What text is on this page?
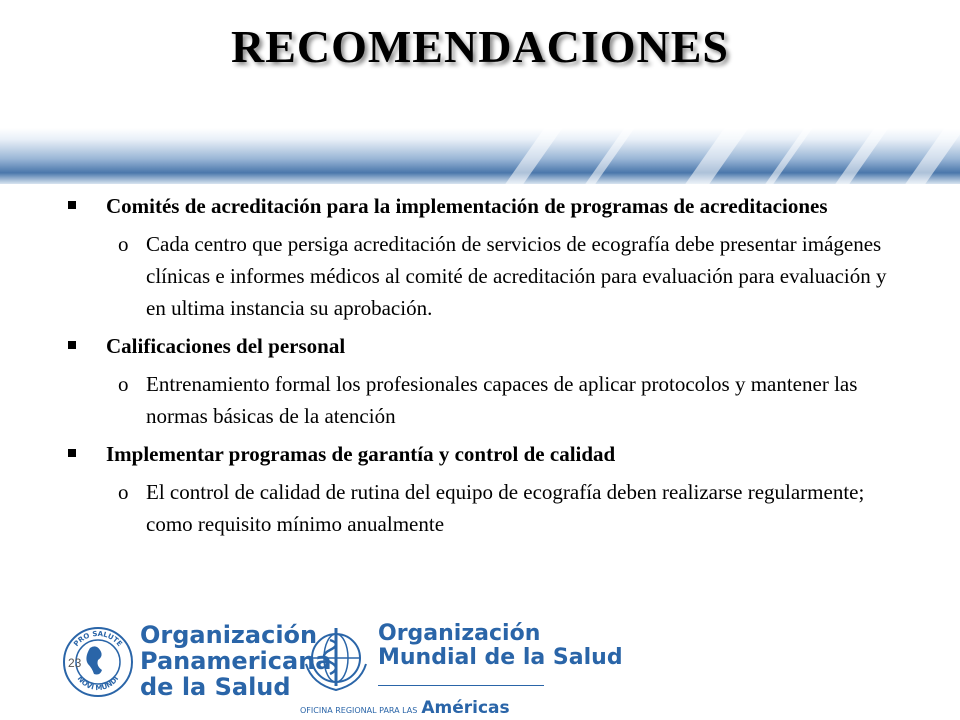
RECOMENDACIONES
Comités de acreditación para la implementación de programas de acreditaciones
o Cada centro que persiga acreditación de servicios de ecografía debe presentar imágenes clínicas e informes médicos al comité de acreditación para evaluación para evaluación y en ultima instancia su aprobación.
Calificaciones del personal
o Entrenamiento formal los profesionales capaces de aplicar protocolos y mantener las normas básicas de la atención
Implementar programas de garantía y control de calidad
o El control de calidad de rutina del equipo de ecografía deben realizarse regularmente; como requisito mínimo anualmente
PRO SALUTE
NOVI MUNDI
23
Organización
Panamericana
de la Salud
Organización
Mundial de la Salud
OFICINA REGIONAL PARA LAS Américas
